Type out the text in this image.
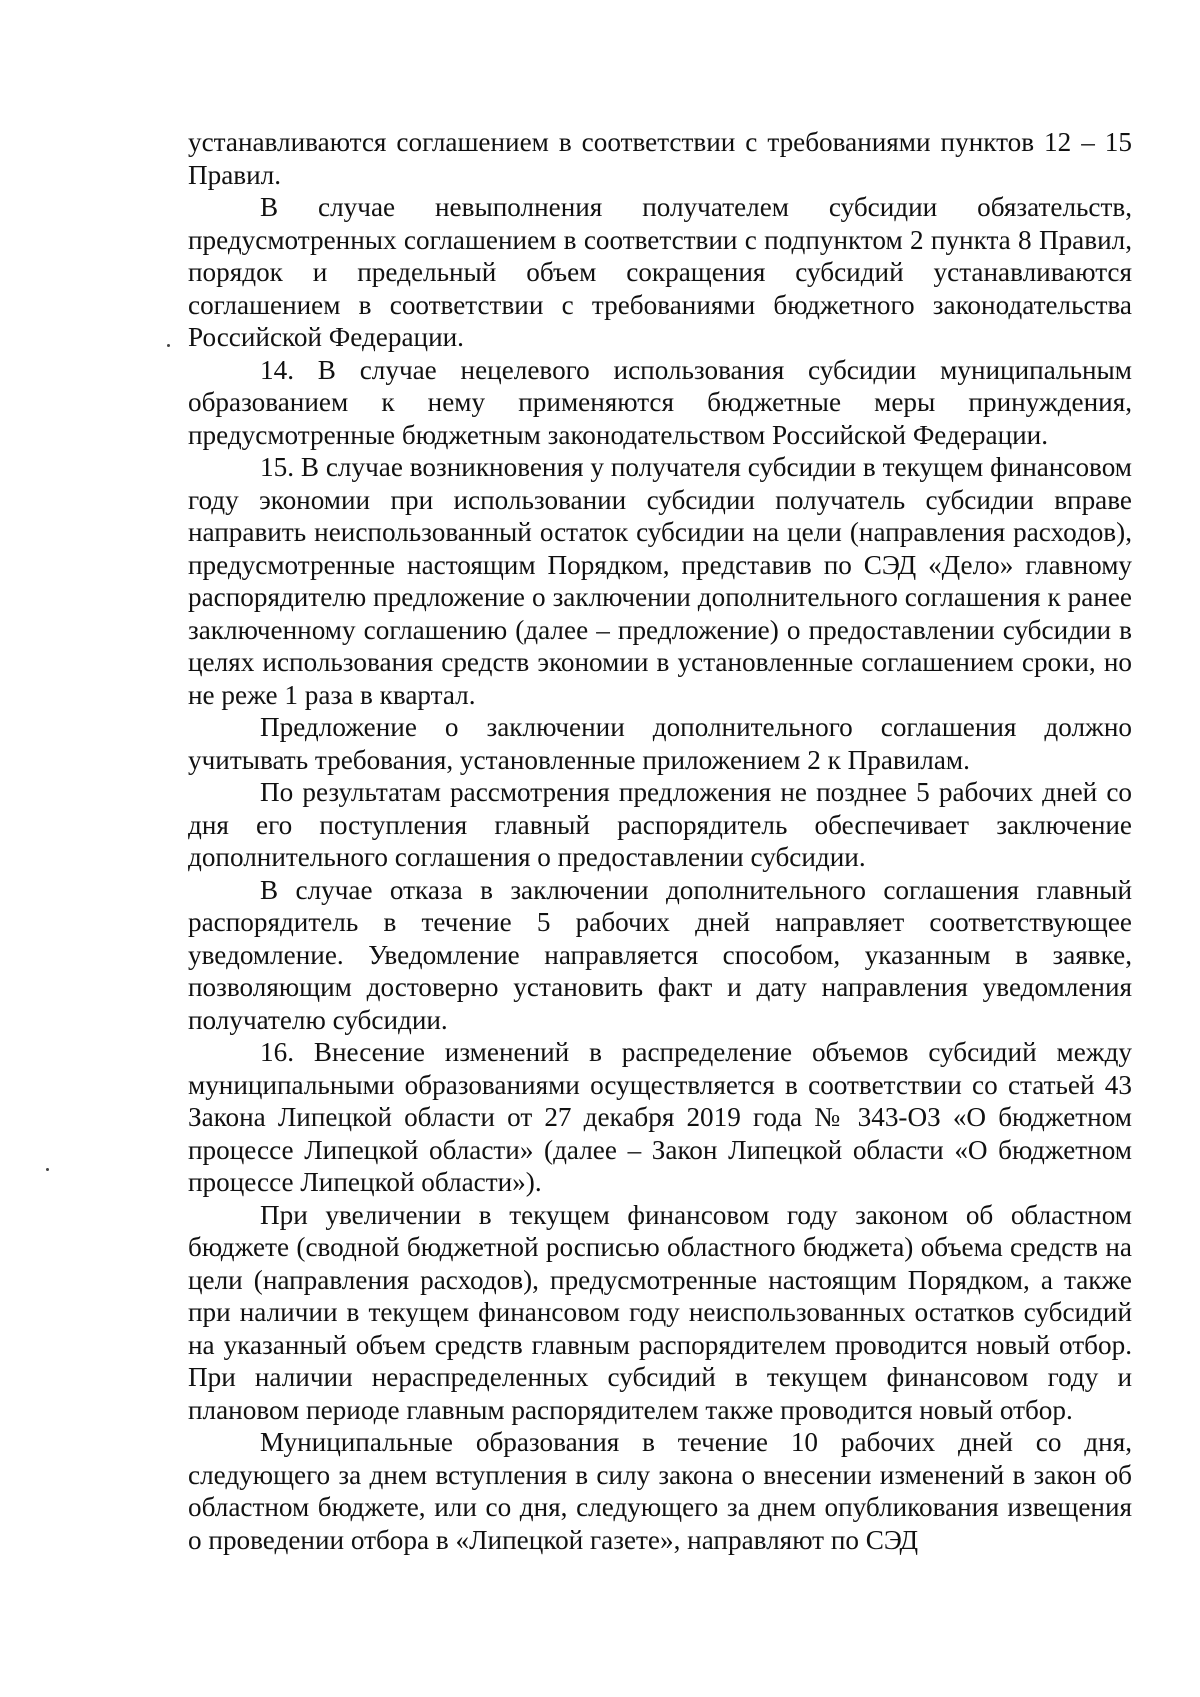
устанавливаются соглашением в соответствии с требованиями пунктов 12 – 15 Правил.

В случае невыполнения получателем субсидии обязательств, предусмотренных соглашением в соответствии с подпунктом 2 пункта 8 Правил, порядок и предельный объем сокращения субсидий устанавливаются соглашением в соответствии с требованиями бюджетного законодательства Российской Федерации.

14. В случае нецелевого использования субсидии муниципальным образованием к нему применяются бюджетные меры принуждения, предусмотренные бюджетным законодательством Российской Федерации.

15. В случае возникновения у получателя субсидии в текущем финансовом году экономии при использовании субсидии получатель субсидии вправе направить неиспользованный остаток субсидии на цели (направления расходов), предусмотренные настоящим Порядком, представив по СЭД «Дело» главному распорядителю предложение о заключении дополнительного соглашения к ранее заключенному соглашению (далее – предложение) о предоставлении субсидии в целях использования средств экономии в установленные соглашением сроки, но не реже 1 раза в квартал.

Предложение о заключении дополнительного соглашения должно учитывать требования, установленные приложением 2 к Правилам.

По результатам рассмотрения предложения не позднее 5 рабочих дней со дня его поступления главный распорядитель обеспечивает заключение дополнительного соглашения о предоставлении субсидии.

В случае отказа в заключении дополнительного соглашения главный распорядитель в течение 5 рабочих дней направляет соответствующее уведомление. Уведомление направляется способом, указанным в заявке, позволяющим достоверно установить факт и дату направления уведомления получателю субсидии.

16. Внесение изменений в распределение объемов субсидий между муниципальными образованиями осуществляется в соответствии со статьей 43 Закона Липецкой области от 27 декабря 2019 года № 343-ОЗ «О бюджетном процессе Липецкой области» (далее – Закон Липецкой области «О бюджетном процессе Липецкой области»).

При увеличении в текущем финансовом году законом об областном бюджете (сводной бюджетной росписью областного бюджета) объема средств на цели (направления расходов), предусмотренные настоящим Порядком, а также при наличии в текущем финансовом году неиспользованных остатков субсидий на указанный объем средств главным распорядителем проводится новый отбор. При наличии нераспределенных субсидий в текущем финансовом году и плановом периоде главным распорядителем также проводится новый отбор.

Муниципальные образования в течение 10 рабочих дней со дня, следующего за днем вступления в силу закона о внесении изменений в закон об областном бюджете, или со дня, следующего за днем опубликования извещения о проведении отбора в «Липецкой газете», направляют по СЭД
